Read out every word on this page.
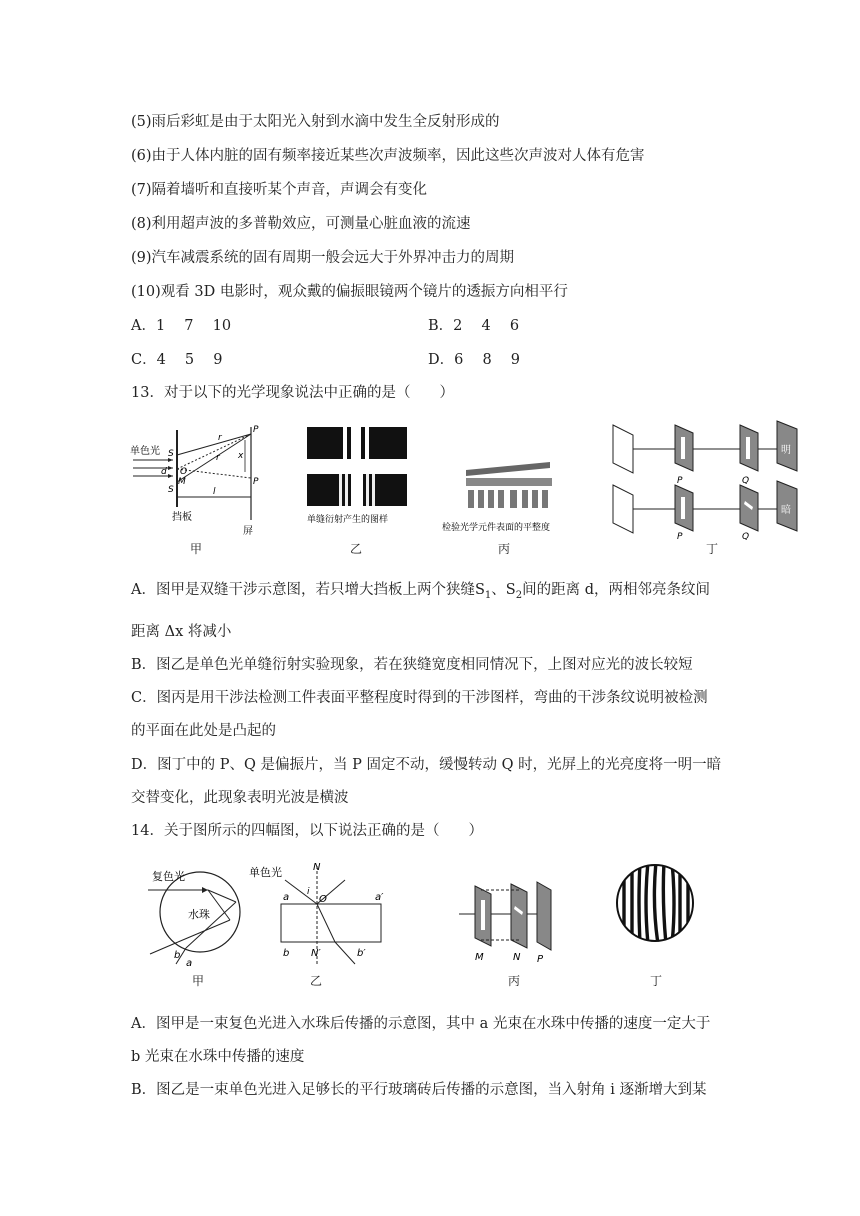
(5)雨后彩虹是由于太阳光入射到水滴中发生全反射形成的
(6)由于人体内脏的固有频率接近某些次声波频率，因此这些次声波对人体有危害
(7)隔着墙听和直接听某个声音，声调会有变化
(8)利用超声波的多普勒效应，可测量心脏血液的流速
(9)汽车减震系统的固有周期一般会远大于外界冲击力的周期
(10)观看 3D 电影时，观众戴的偏振眼镜两个镜片的透振方向相平行
A．1　 7　 10	B．2　 4　 6
C．4　 5　 9	D．6　 8　 9
13．对于以下的光学现象说法中正确的是（　　）
r
r
P
P
x
l
单色光 S
S
d O
M
挡板
屏
甲
单缝衍射产生的图样
乙
检验光学元件表面的平整度
丙
明
P	Q
暗
P	Q
丁
A．图甲是双缝干涉示意图，若只增大挡板上两个狭缝$S_1$、$S_2$间的距离 d，两相邻亮条纹间
距离 Δx 将减小
B．图乙是单色光单缝衍射实验现象，若在狭缝宽度相同情况下，上图对应光的波长较短
C．图丙是用干涉法检测工件表面平整程度时得到的干涉图样，弯曲的干涉条纹说明被检测
的平面在此处是凸起的
D．图丁中的 P、Q 是偏振片，当 P 固定不动，缓慢转动 Q 时，光屏上的光亮度将一明一暗
交替变化，此现象表明光波是横波
14．关于图所示的四幅图，以下说法正确的是（　　）
复色光
水珠
b
a
甲
单色光	N
i
O
N′
a	a′
b	b′
乙
M	N P
丙	丁
A．图甲是一束复色光进入水珠后传播的示意图，其中 a 光束在水珠中传播的速度一定大于
b 光束在水珠中传播的速度
B．图乙是一束单色光进入足够长的平行玻璃砖后传播的示意图，当入射角 i 逐渐增大到某
